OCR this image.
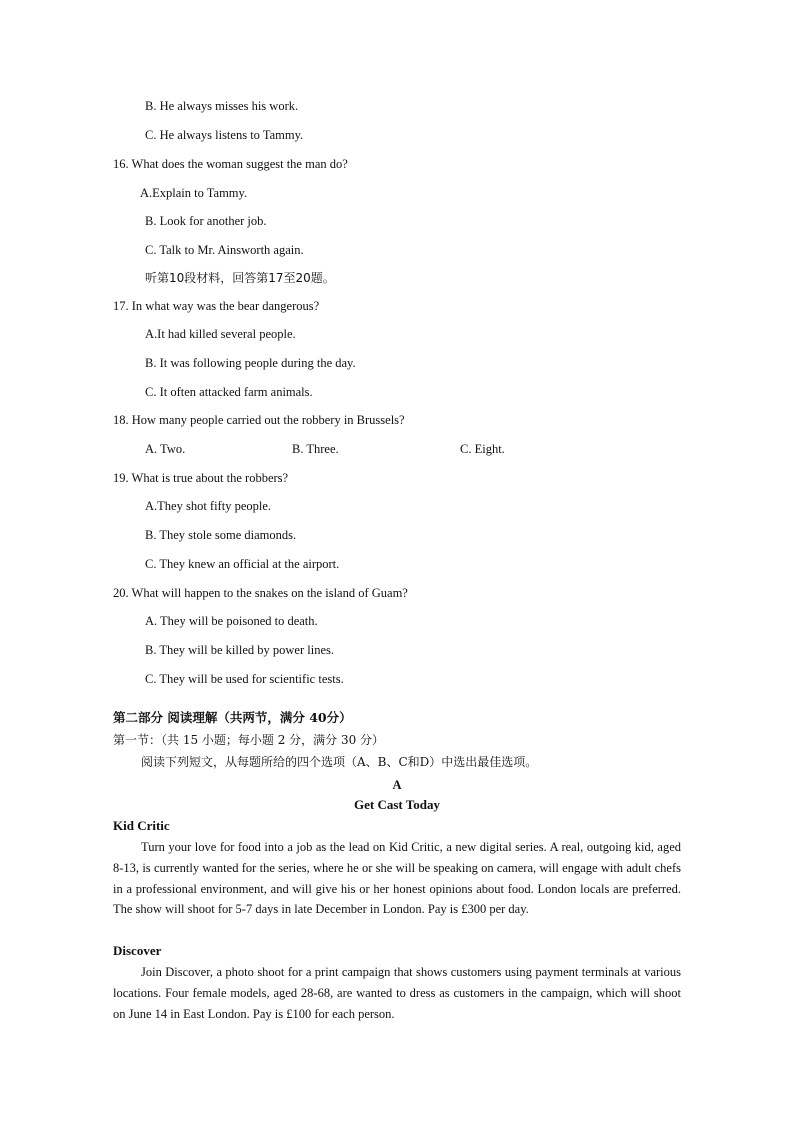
B. He always misses his work.
C. He always listens to Tammy.
16. What does the woman suggest the man do?
A.Explain to Tammy.
B. Look for another job.
C. Talk to Mr. Ainsworth again.
听第10段材料，回答第17至20题。
17. In what way was the bear dangerous?
A.It had killed several people.
B. It was following people during the day.
C. It often attacked farm animals.
18. How many people carried out the robbery in Brussels?
A. Two.	B. Three.	C. Eight.
19. What is true about the robbers?
A.They shot fifty people.
B. They stole some diamonds.
C. They knew an official at the airport.
20. What will happen to the snakes on the island of Guam?
A. They will be poisoned to death.
B. They will be killed by power lines.
C. They will be used for scientific tests.
第二部分 阅读理解（共两节，满分 40分）
第一节：（共 15 小题；每小题 2 分，满分 30 分）
阅读下列短文，从每题所给的四个选项（A、B、C和D）中选出最佳选项。
A
Get Cast Today
Kid Critic
Turn your love for food into a job as the lead on Kid Critic, a new digital series. A real, outgoing kid, aged 8-13, is currently wanted for the series, where he or she will be speaking on camera, will engage with adult chefs in a professional environment, and will give his or her honest opinions about food. London locals are preferred. The show will shoot for 5-7 days in late December in London. Pay is £300 per day.
Discover
Join Discover, a photo shoot for a print campaign that shows customers using payment terminals at various locations. Four female models, aged 28-68, are wanted to dress as customers in the campaign, which will shoot on June 14 in East London. Pay is £100 for each person.
